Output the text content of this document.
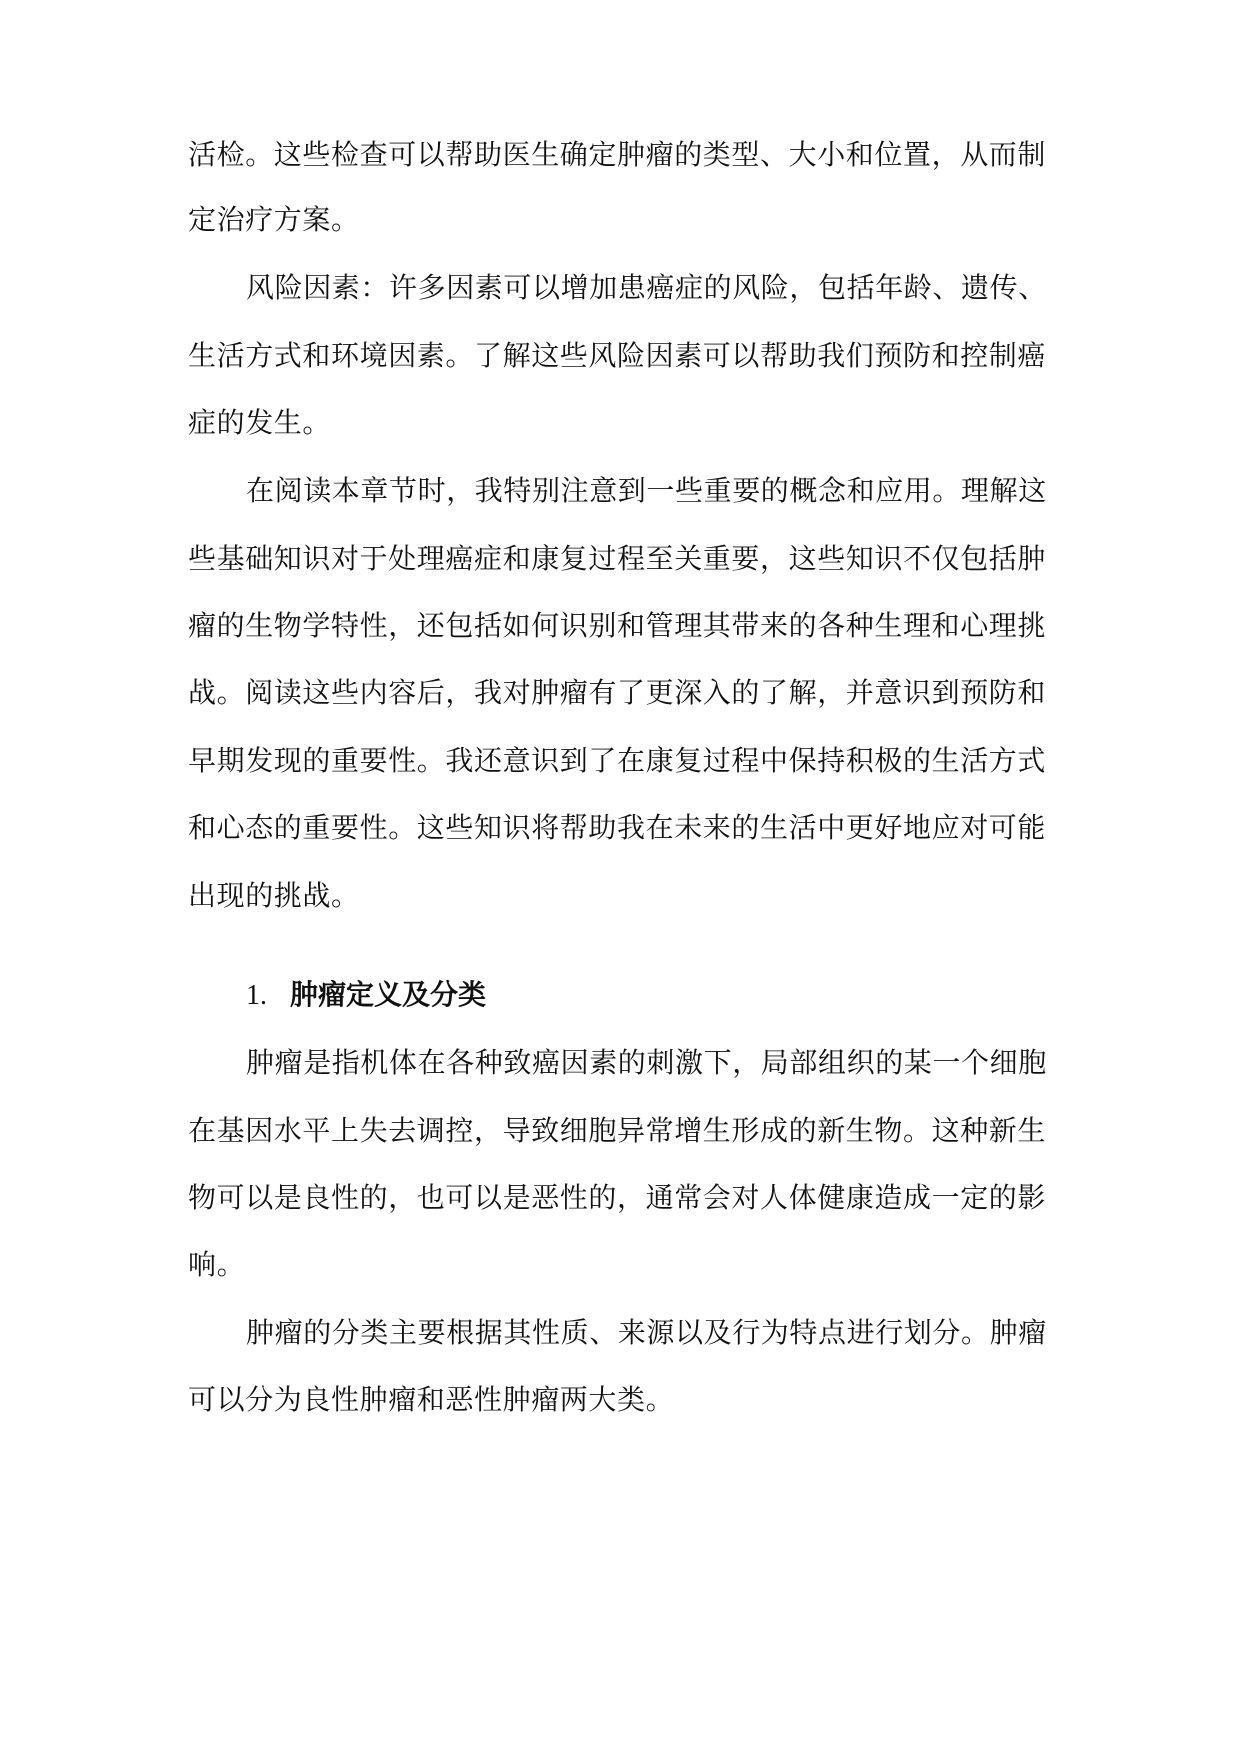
活检。这些检查可以帮助医生确定肿瘤的类型、大小和位置，从而制
定治疗方案。
风险因素：许多因素可以增加患癌症的风险，包括年龄、遗传、
生活方式和环境因素。了解这些风险因素可以帮助我们预防和控制癌
症的发生。
在阅读本章节时，我特别注意到一些重要的概念和应用。理解这
些基础知识对于处理癌症和康复过程至关重要，这些知识不仅包括肿
瘤的生物学特性，还包括如何识别和管理其带来的各种生理和心理挑
战。阅读这些内容后，我对肿瘤有了更深入的了解，并意识到预防和
早期发现的重要性。我还意识到了在康复过程中保持积极的生活方式
和心态的重要性。这些知识将帮助我在未来的生活中更好地应对可能
出现的挑战。
1. 肿瘤定义及分类
肿瘤是指机体在各种致癌因素的刺激下，局部组织的某一个细胞
在基因水平上失去调控，导致细胞异常增生形成的新生物。这种新生
物可以是良性的，也可以是恶性的，通常会对人体健康造成一定的影
响。
肿瘤的分类主要根据其性质、来源以及行为特点进行划分。肿瘤
可以分为良性肿瘤和恶性肿瘤两大类。
